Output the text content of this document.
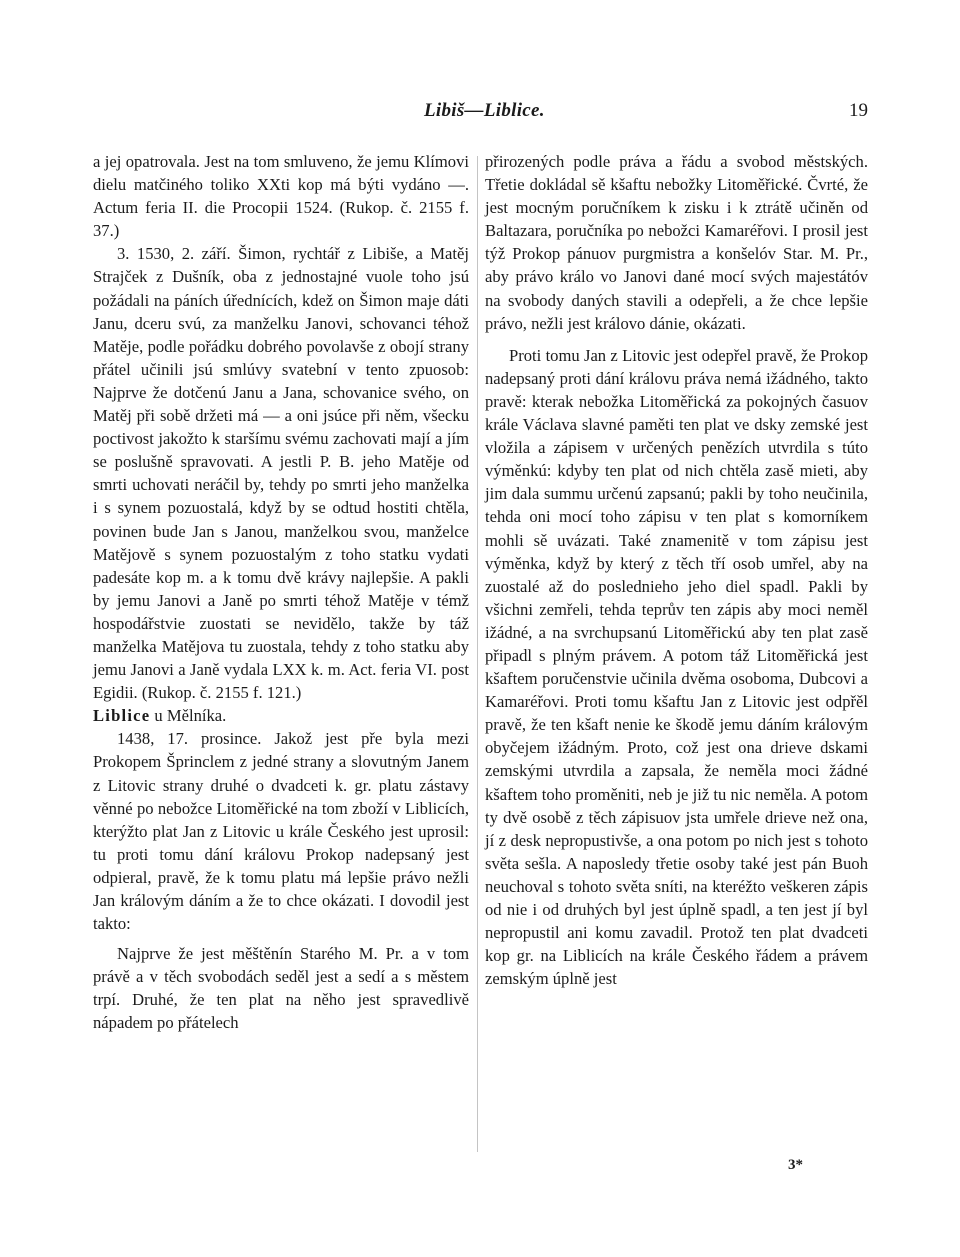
Libiš—Liblice.	19

a jej opatrovala. Jest na tom smluveno, že jemu Klímovi dielu matčiného toliko XXti kop má býti vydáno —. Actum feria II. die Procopii 1524. (Rukop. č. 2155 f. 37.)

3. 1530, 2. září. Šimon, rychtář z Libiše, a Matěj Strajček z Dušník, oba z jednostajné vuole toho jsú požádali na páních úřednících, kdež on Šimon maje dáti Janu, dceru svú, za manželku Janovi, schovanci téhož Matěje, podle pořádku dobrého povolavše z obojí strany přátel učinili jsú smlúvy svatební v tento zpuosob: Najprve že dotčenú Janu a Jana, schovanice svého, on Matěj při sobě držeti má — a oni jsúce při něm, všecku poctivost jakožto k staršímu svému zachovati mají a jím se poslušně spravovati. A jestli P. B. jeho Matěje od smrti uchovati neráčil by, tehdy po smrti jeho manželka i s synem pozuostalá, když by se odtud hostiti chtěla, povinen bude Jan s Janou, manželkou svou, manželce Matějově s synem pozuostalým z toho statku vydati padesáte kop m. a k tomu dvě krávy najlepšie. A pakli by jemu Janovi a Janě po smrti téhož Matěje v témž hospodářstvie zuostati se nevidělo, takže by táž manželka Matějova tu zuostala, tehdy z toho statku aby jemu Janovi a Janě vydala LXX k. m. Act. feria VI. post Egidii. (Rukop. č. 2155 f. 121.)

Liblice u Mělníka.

1438, 17. prosince. Jakož jest pře byla mezi Prokopem Šprinclem z jedné strany a slovutným Janem z Litovic strany druhé o dvadceti k. gr. platu zástavy věnné po nebožce Litoměřické na tom zboží v Liblicích, kterýžto plat Jan z Litovic u krále Českého jest uprosil: tu proti tomu dání královu Prokop nadepsaný jest odpieral, pravě, že k tomu platu má lepšie právo nežli Jan královým dáním a že to chce okázati. I dovodil jest takto:

Najprve že jest měštěnín Starého M. Pr. a v tom právě a v těch svobodách seděl jest a sedí a s městem trpí. Druhé, že ten plat na něho jest spravedlivě nápadem po přátelech

přirozených podle práva a řádu a svobod městských. Třetie dokládal sě kšaftu nebožky Litoměřické. Čvrté, že jest mocným poručníkem k zisku i k ztrátě učiněn od Baltazara, poručníka po nebožci Kamaréřovi. I prosil jest týž Prokop pánuov purgmistra a konšelóv Star. M. Pr., aby právo králo vo Janovi dané mocí svých majestátóv na svobody daných stavili a odepřeli, a že chce lepšie právo, nežli jest královo dánie, okázati.

Proti tomu Jan z Litovic jest odepřel pravě, že Prokop nadepsaný proti dání královu práva nemá ižádného, takto pravě: kterak nebožka Litoměřická za pokojných časuov krále Václava slavné paměti ten plat ve dsky zemské jest vložila a zápisem v určených penězích utvrdila s túto výměnkú: kdyby ten plat od nich chtěla zasě mieti, aby jim dala summu určenú zapsanú; pakli by toho neučinila, tehda oni mocí toho zápisu v ten plat s komorníkem mohli sě uvázati. Také znamenitě v tom zápisu jest výměnka, když by který z těch tří osob umřel, aby na zuostalé až do poslednieho jeho diel spadl. Pakli by všichni zemřeli, tehda teprův ten zápis aby moci neměl ižádné, a na svrchupsanú Litoměřickú aby ten plat zasě připadl s plným právem. A potom táž Litoměřická jest kšaftem poručenstvie učinila dvěma osoboma, Dubcovi a Kamaréřovi. Proti tomu kšaftu Jan z Litovic jest odpřěl pravě, že ten kšaft nenie ke škodě jemu dáním královým obyčejem ižádným. Proto, což jest ona drieve dskami zemskými utvrdila a zapsala, že neměla moci žádné kšaftem toho proměniti, neb je již tu nic neměla. A potom ty dvě osobě z těch zápisuov jsta umřele drieve než ona, jí z desk nepropustivše, a ona potom po nich jest s tohoto světa sešla. A naposledy třetie osoby také jest pán Buoh neuchoval s tohoto světa sníti, na kteréžto veškeren zápis od nie i od druhých byl jest úplně spadl, a ten jest jí byl nepropustil ani komu zavadil. Protož ten plat dvadceti kop gr. na Liblicích na krále Českého řádem a právem zemským úplně jest

3*
